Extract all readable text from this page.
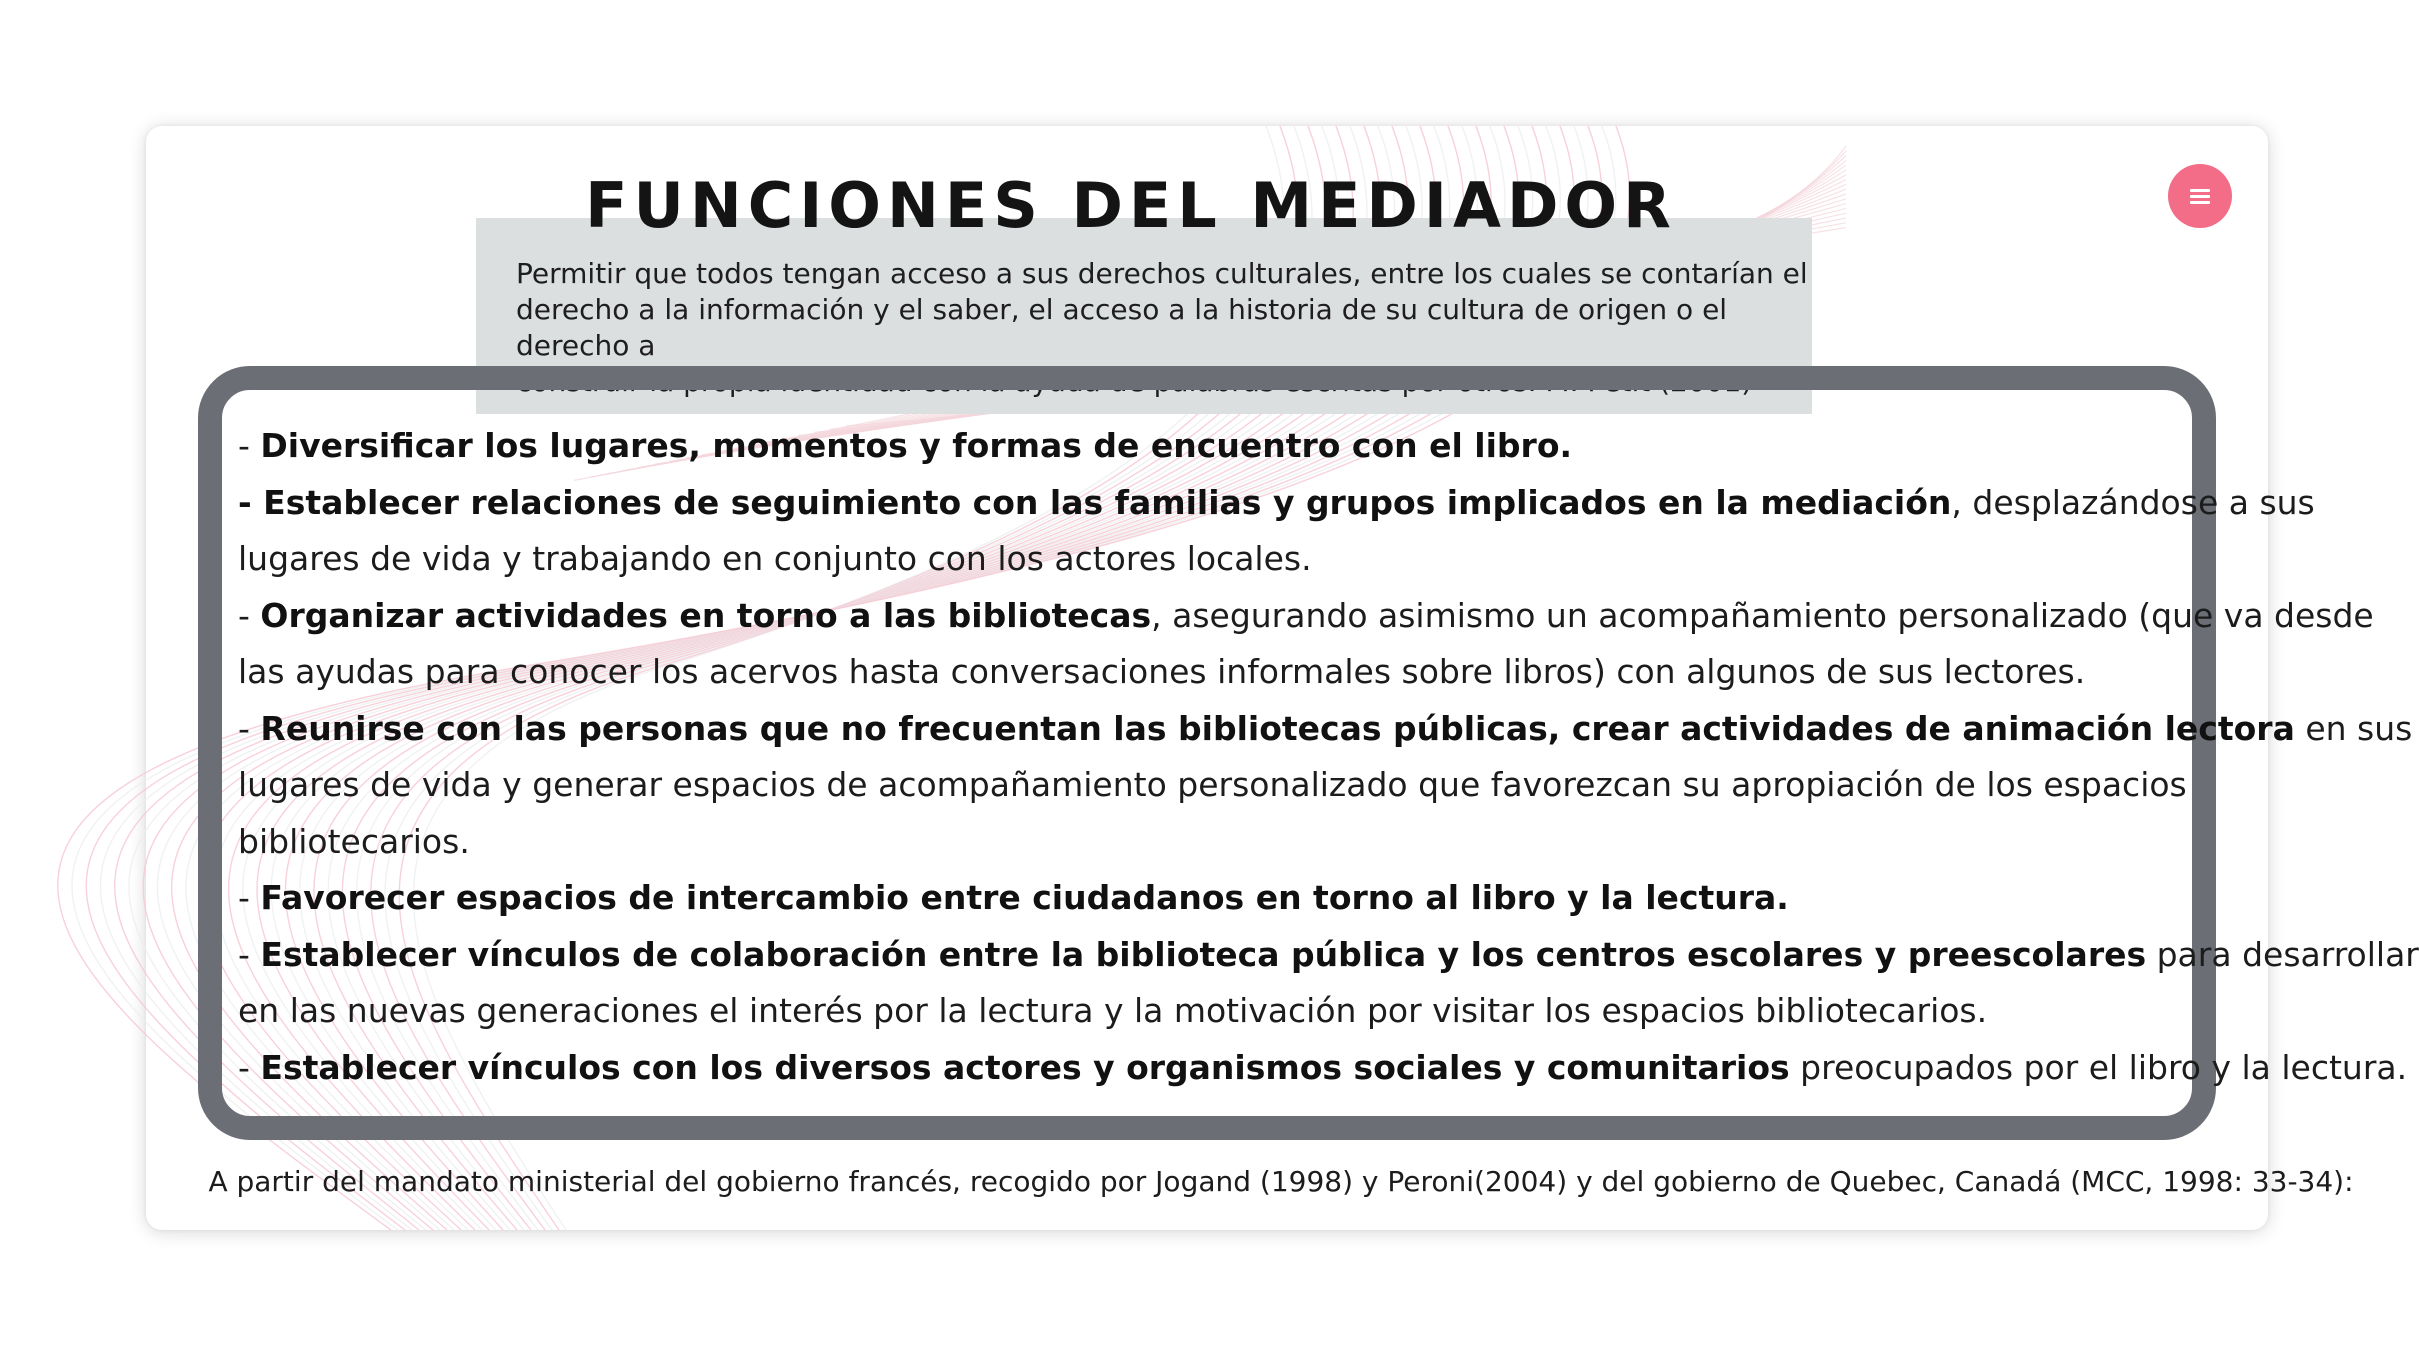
FUNCIONES DEL MEDIADOR

Permitir que todos tengan acceso a sus derechos culturales, entre los cuales se contarían el
derecho a la información y el saber, el acceso a la historia de su cultura de origen o el derecho a
construir la propia identidad con la ayuda de palabras escritas por otros. M. Petit (2001)

- Diversificar los lugares, momentos y formas de encuentro con el libro.
- Establecer relaciones de seguimiento con las familias y grupos implicados en la mediación, desplazándose a sus
lugares de vida y trabajando en conjunto con los actores locales.
- Organizar actividades en torno a las bibliotecas, asegurando asimismo un acompañamiento personalizado (que va desde
las ayudas para conocer los acervos hasta conversaciones informales sobre libros) con algunos de sus lectores.
- Reunirse con las personas que no frecuentan las bibliotecas públicas, crear actividades de animación lectora en sus
lugares de vida y generar espacios de acompañamiento personalizado que favorezcan su apropiación de los espacios
bibliotecarios.
- Favorecer espacios de intercambio entre ciudadanos en torno al libro y la lectura.
- Establecer vínculos de colaboración entre la biblioteca pública y los centros escolares y preescolares para desarrollar
en las nuevas generaciones el interés por la lectura y la motivación por visitar los espacios bibliotecarios.
- Establecer vínculos con los diversos actores y organismos sociales y comunitarios preocupados por el libro y la lectura.

A partir del mandato ministerial del gobierno francés, recogido por Jogand (1998) y Peroni(2004) y del gobierno de Quebec, Canadá (MCC, 1998: 33-34):
